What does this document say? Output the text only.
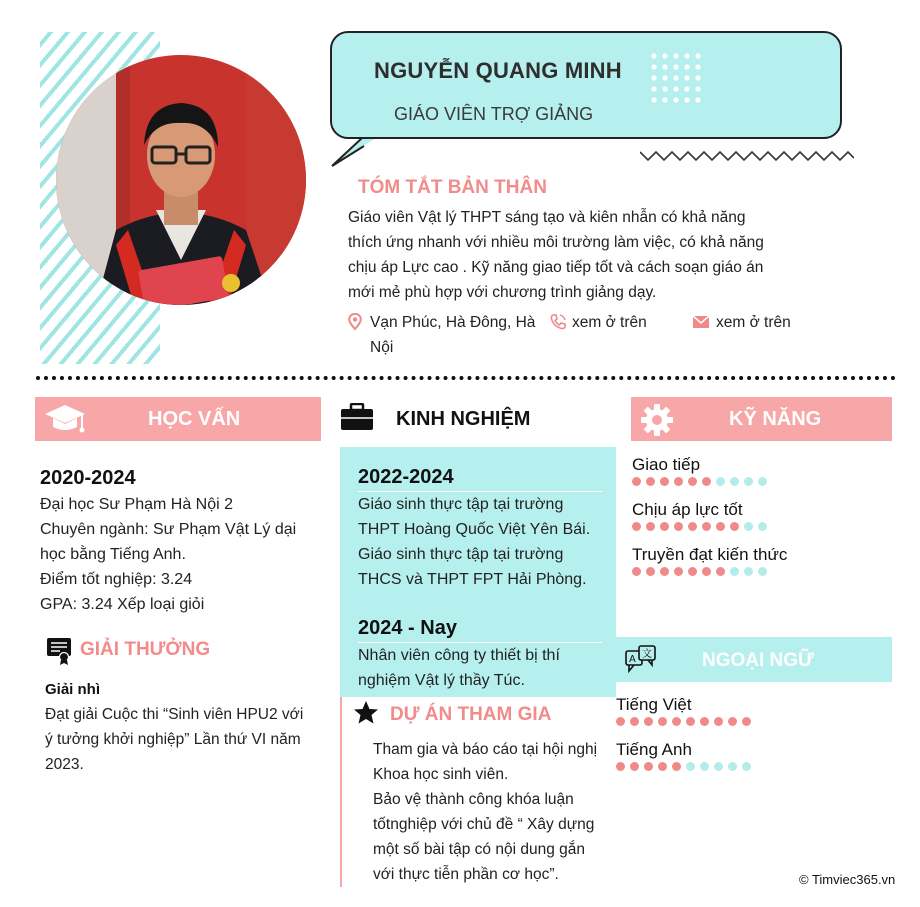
NGUYỄN QUANG MINH
GIÁO VIÊN TRỢ GIẢNG
TÓM TẮT BẢN THÂN
Giáo viên Vật lý THPT sáng tạo và kiên nhẫn có khả năng
thích ứng nhanh với nhiều môi trường làm việc, có khả năng
chịu áp Lực cao . Kỹ năng giao tiếp tốt và cách soạn giáo án
mới mẻ phù hợp với chương trình giảng dạy.
Vạn Phúc, Hà Đông, Hà
Nội
xem ở trên	xem ở trên
HỌC VẤN
2020-2024
Đại học Sư Phạm Hà Nội 2
Chuyên ngành: Sư Phạm Vật Lý dại
học bằng Tiếng Anh.
Điểm tốt nghiệp: 3.24
GPA: 3.24 Xếp loại giỏi
GIẢI THƯỞNG
Giải nhì
Đạt giải Cuộc thi “Sinh viên HPU2 với
ý tưởng khởi nghiệp” Lần thứ VI năm
2023.
KINH NGHIỆM
2022-2024
Giáo sinh thực tập tại trường
THPT Hoàng Quốc Việt Yên Bái.
Giáo sinh thực tập tại trường
THCS và THPT FPT Hải Phòng.
2024 - Nay
Nhân viên công ty thiết bị thí
nghiệm Vật lý thầy Túc.
DỰ ÁN THAM GIA
Tham gia và báo cáo tại hội nghị
Khoa học sinh viên.
Bảo vệ thành công khóa luận
tốtnghiệp với chủ đề “ Xây dựng
một số bài tập có nội dung gắn
với thực tiễn phần cơ học”.
KỸ NĂNG
Giao tiếp
Chịu áp lực tốt
Truyền đạt kiến thức
A 文	NGOẠI NGỮ
Tiếng Việt
Tiếng Anh
© Timviec365.vn
